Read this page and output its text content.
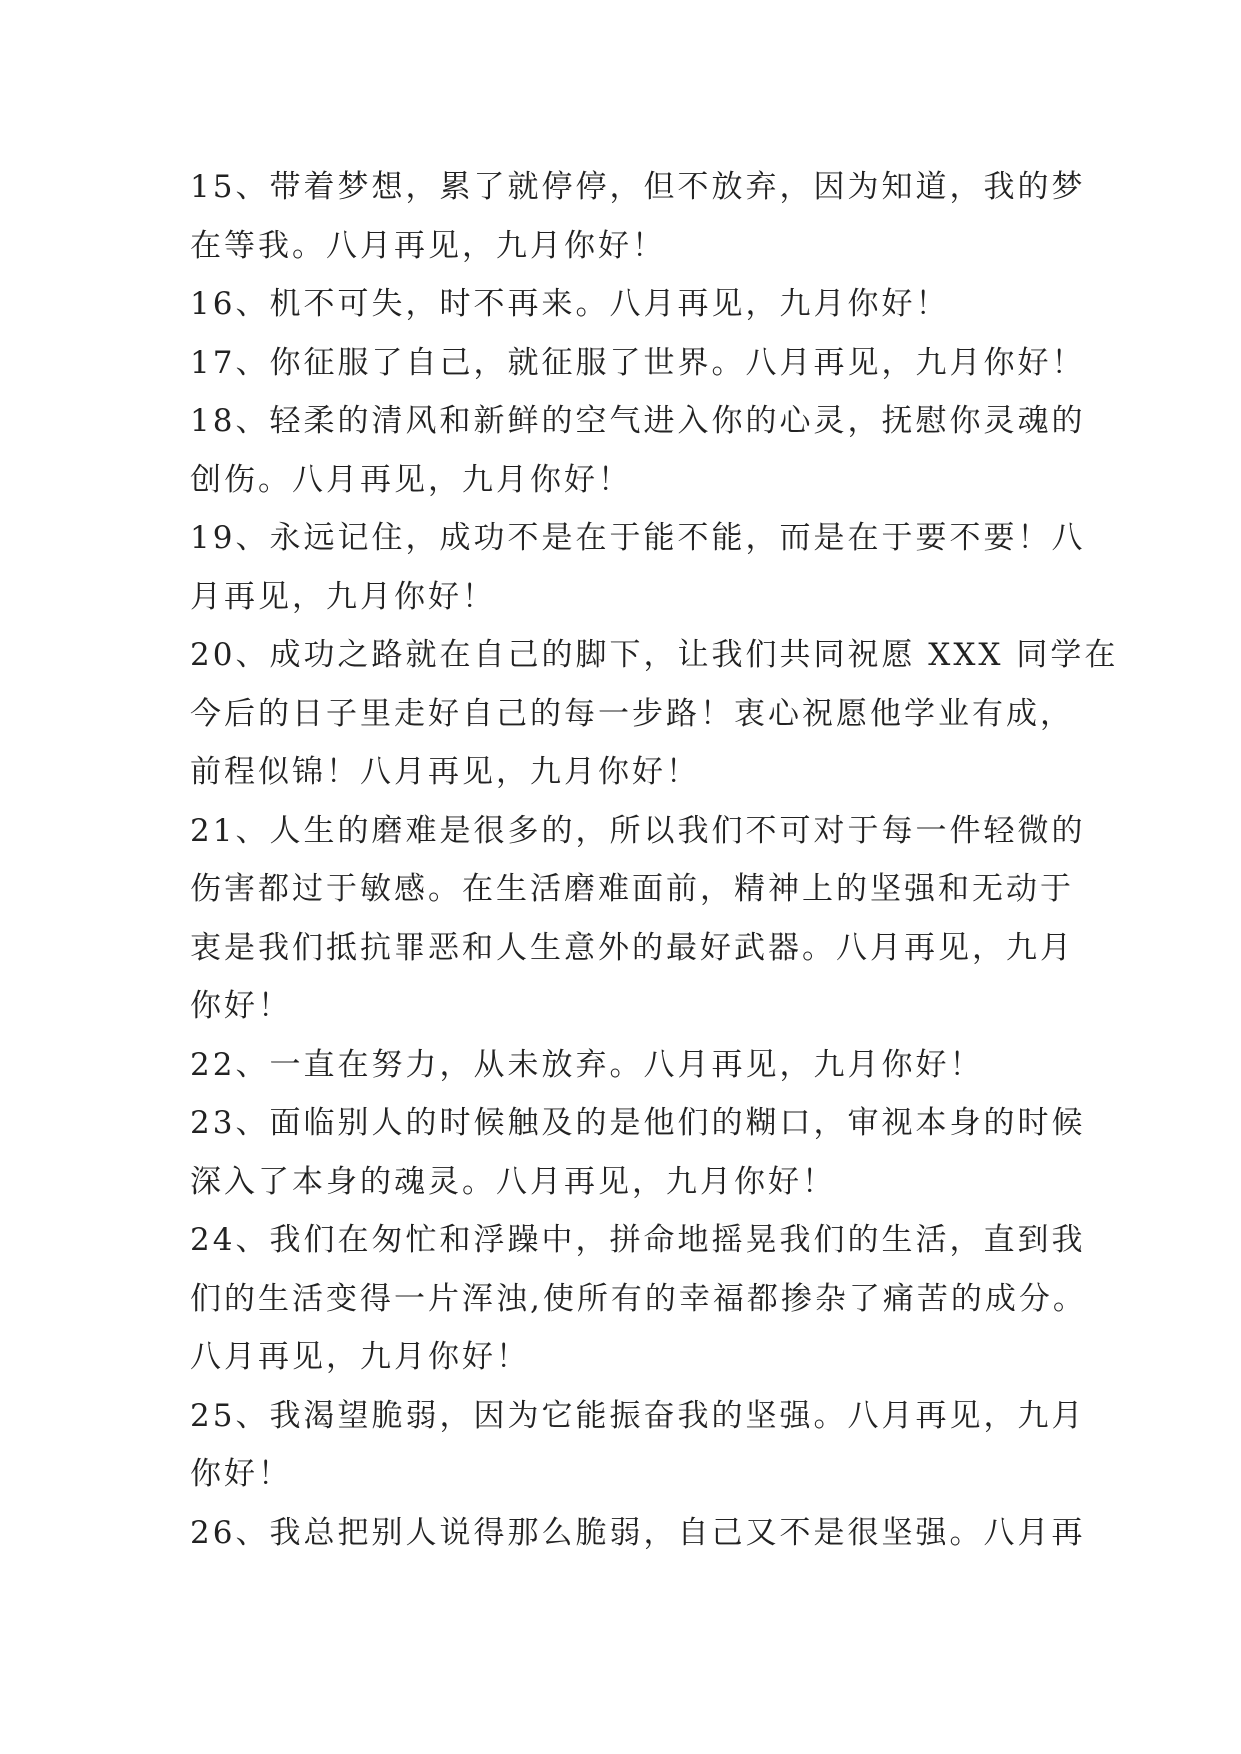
15、带着梦想，累了就停停，但不放弃，因为知道，我的梦
在等我。八月再见，九月你好！
16、机不可失，时不再来。八月再见，九月你好！
17、你征服了自己，就征服了世界。八月再见，九月你好！
18、轻柔的清风和新鲜的空气进入你的心灵，抚慰你灵魂的
创伤。八月再见，九月你好！
19、永远记住，成功不是在于能不能，而是在于要不要！八
月再见，九月你好！
20、成功之路就在自己的脚下，让我们共同祝愿 XXX 同学在
今后的日子里走好自己的每一步路！衷心祝愿他学业有成，
前程似锦！八月再见，九月你好！
21、人生的磨难是很多的，所以我们不可对于每一件轻微的
伤害都过于敏感。在生活磨难面前，精神上的坚强和无动于
衷是我们抵抗罪恶和人生意外的最好武器。八月再见，九月
你好！
22、一直在努力，从未放弃。八月再见，九月你好！
23、面临别人的时候触及的是他们的糊口，审视本身的时候
深入了本身的魂灵。八月再见，九月你好！
24、我们在匆忙和浮躁中，拼命地摇晃我们的生活，直到我
们的生活变得一片浑浊,使所有的幸福都掺杂了痛苦的成分。
八月再见，九月你好！
25、我渴望脆弱，因为它能振奋我的坚强。八月再见，九月
你好！
26、我总把别人说得那么脆弱，自己又不是很坚强。八月再
